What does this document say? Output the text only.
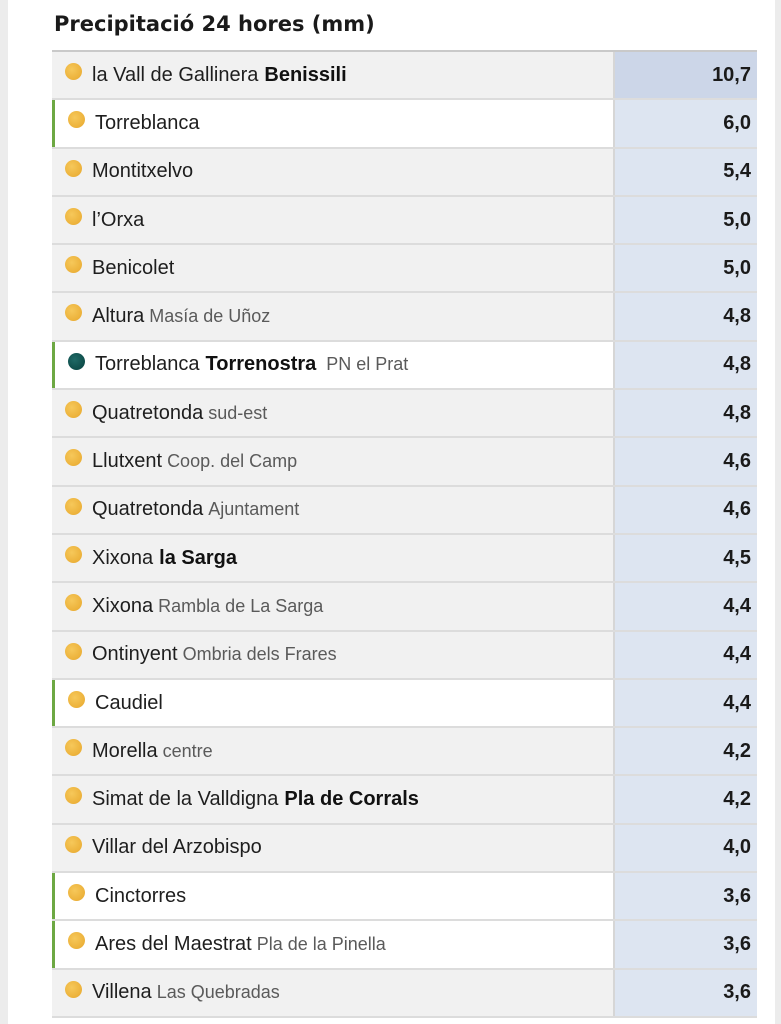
Precipitació 24 hores (mm)
la Vall de Gallinera Benissili	10,7
Torreblanca	6,0
Montitxelvo	5,4
l’Orxa	5,0
Benicolet	5,0
Altura Masía de Uñoz	4,8
Torreblanca Torrenostra PN el Prat	4,8
Quatretonda sud-est	4,8
Llutxent Coop. del Camp	4,6
Quatretonda Ajuntament	4,6
Xixona la Sarga	4,5
Xixona Rambla de La Sarga	4,4
Ontinyent Ombria dels Frares	4,4
Caudiel	4,4
Morella centre	4,2
Simat de la Valldigna Pla de Corrals	4,2
Villar del Arzobispo	4,0
Cinctorres	3,6
Ares del Maestrat Pla de la Pinella	3,6
Villena Las Quebradas	3,6
